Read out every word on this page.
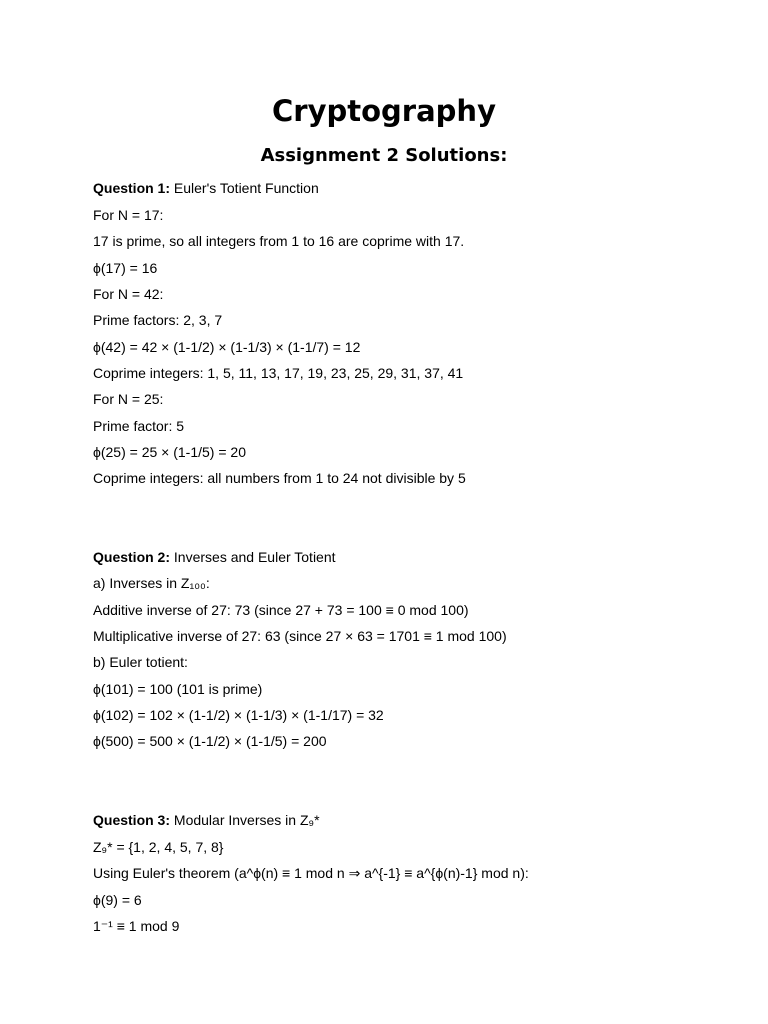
Cryptography
Assignment 2 Solutions:

Question 1: Euler's Totient Function

For N = 17:

17 is prime, so all integers from 1 to 16 are coprime with 17.

ϕ(17) = 16

For N = 42:

Prime factors: 2, 3, 7

ϕ(42) = 42 × (1-1/2) × (1-1/3) × (1-1/7) = 12

Coprime integers: 1, 5, 11, 13, 17, 19, 23, 25, 29, 31, 37, 41

For N = 25:

Prime factor: 5

ϕ(25) = 25 × (1-1/5) = 20

Coprime integers: all numbers from 1 to 24 not divisible by 5

Question 2: Inverses and Euler Totient

a) Inverses in Z₁₀₀:

Additive inverse of 27: 73 (since 27 + 73 = 100 ≡ 0 mod 100)

Multiplicative inverse of 27: 63 (since 27 × 63 = 1701 ≡ 1 mod 100)

b) Euler totient:

ϕ(101) = 100 (101 is prime)

ϕ(102) = 102 × (1-1/2) × (1-1/3) × (1-1/17) = 32

ϕ(500) = 500 × (1-1/2) × (1-1/5) = 200

Question 3: Modular Inverses in Z₉*

Z₉* = {1, 2, 4, 5, 7, 8}

Using Euler's theorem (a^ϕ(n) ≡ 1 mod n ⇒ a^{-1} ≡ a^{ϕ(n)-1} mod n):

ϕ(9) = 6

1⁻¹ ≡ 1 mod 9
